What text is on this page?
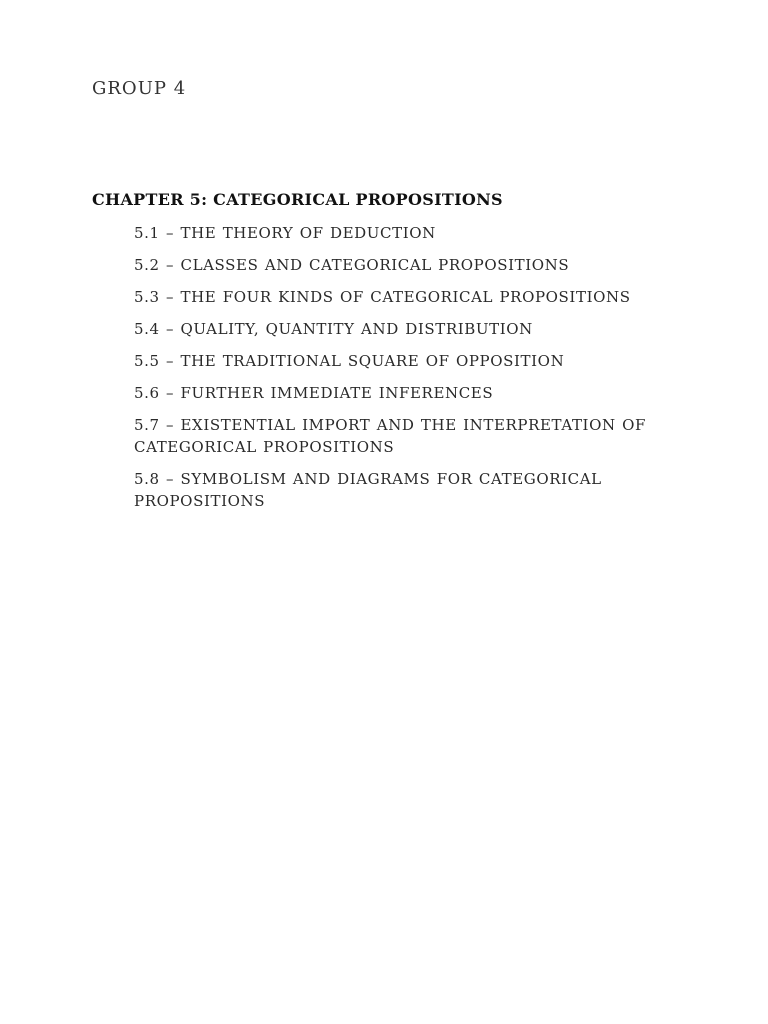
GROUP 4
CHAPTER 5: CATEGORICAL PROPOSITIONS
5.1 – THE THEORY OF DEDUCTION
5.2 – CLASSES AND CATEGORICAL PROPOSITIONS
5.3 – THE FOUR KINDS OF CATEGORICAL PROPOSITIONS
5.4 – QUALITY, QUANTITY AND DISTRIBUTION
5.5 – THE TRADITIONAL SQUARE OF OPPOSITION
5.6 – FURTHER IMMEDIATE INFERENCES
5.7 – EXISTENTIAL IMPORT AND THE INTERPRETATION OF CATEGORICAL PROPOSITIONS
5.8 – SYMBOLISM AND DIAGRAMS FOR CATEGORICAL PROPOSITIONS
